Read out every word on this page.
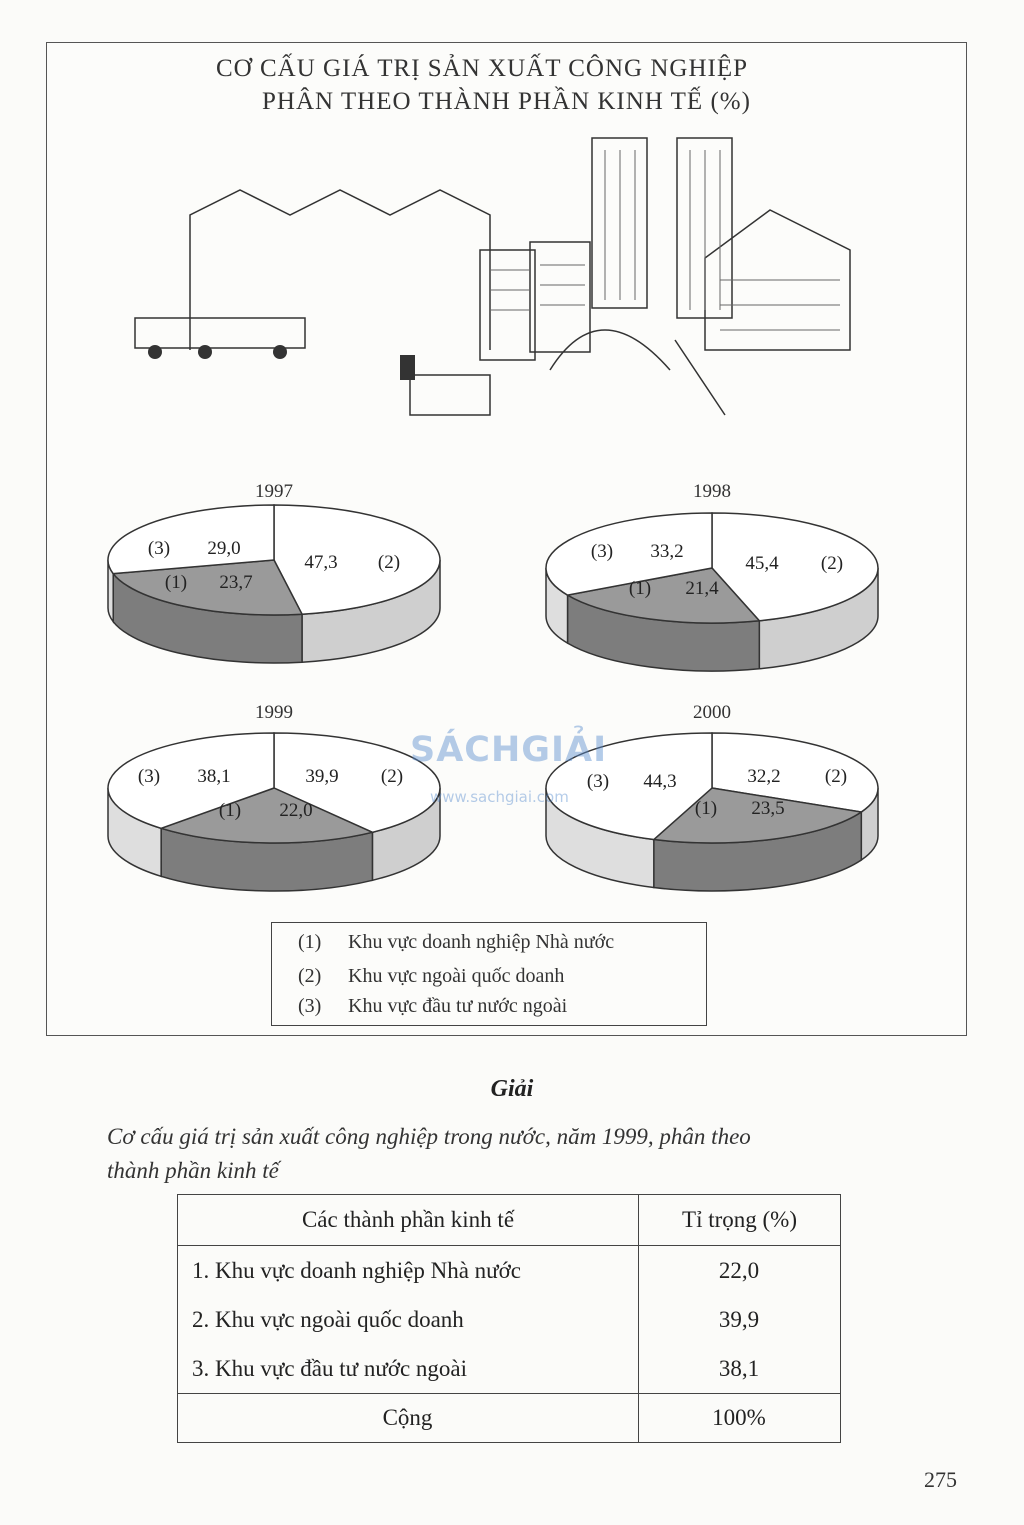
CƠ CẤU GIÁ TRỊ SẢN XUẤT CÔNG NGHIỆP
PHÂN THEO THÀNH PHẦN KINH TẾ (%)
1997
(1) 23,7
(2)
47,3
(3) 29,0
1998
(1) 21,4
(2)
45,4
(3) 33,2
1999
(1) 22,0
(2)
39,9
(3) 38,1
2000
(1) 23,5
(2)
32,2
(3) 44,3
SÁCHGIẢI
www.sachgiai.com
(1) Khu vực doanh nghiệp Nhà nước
(2) Khu vực ngoài quốc doanh
(3) Khu vực đầu tư nước ngoài
Giải
Cơ cấu giá trị sản xuất công nghiệp trong nước, năm 1999, phân theo
thành phần kinh tế
Các thành phần kinh tế	Tỉ trọng (%)
1. Khu vực doanh nghiệp Nhà nước	22,0
2. Khu vực ngoài quốc doanh	39,9
3. Khu vực đầu tư nước ngoài	38,1
Cộng	100%
275
